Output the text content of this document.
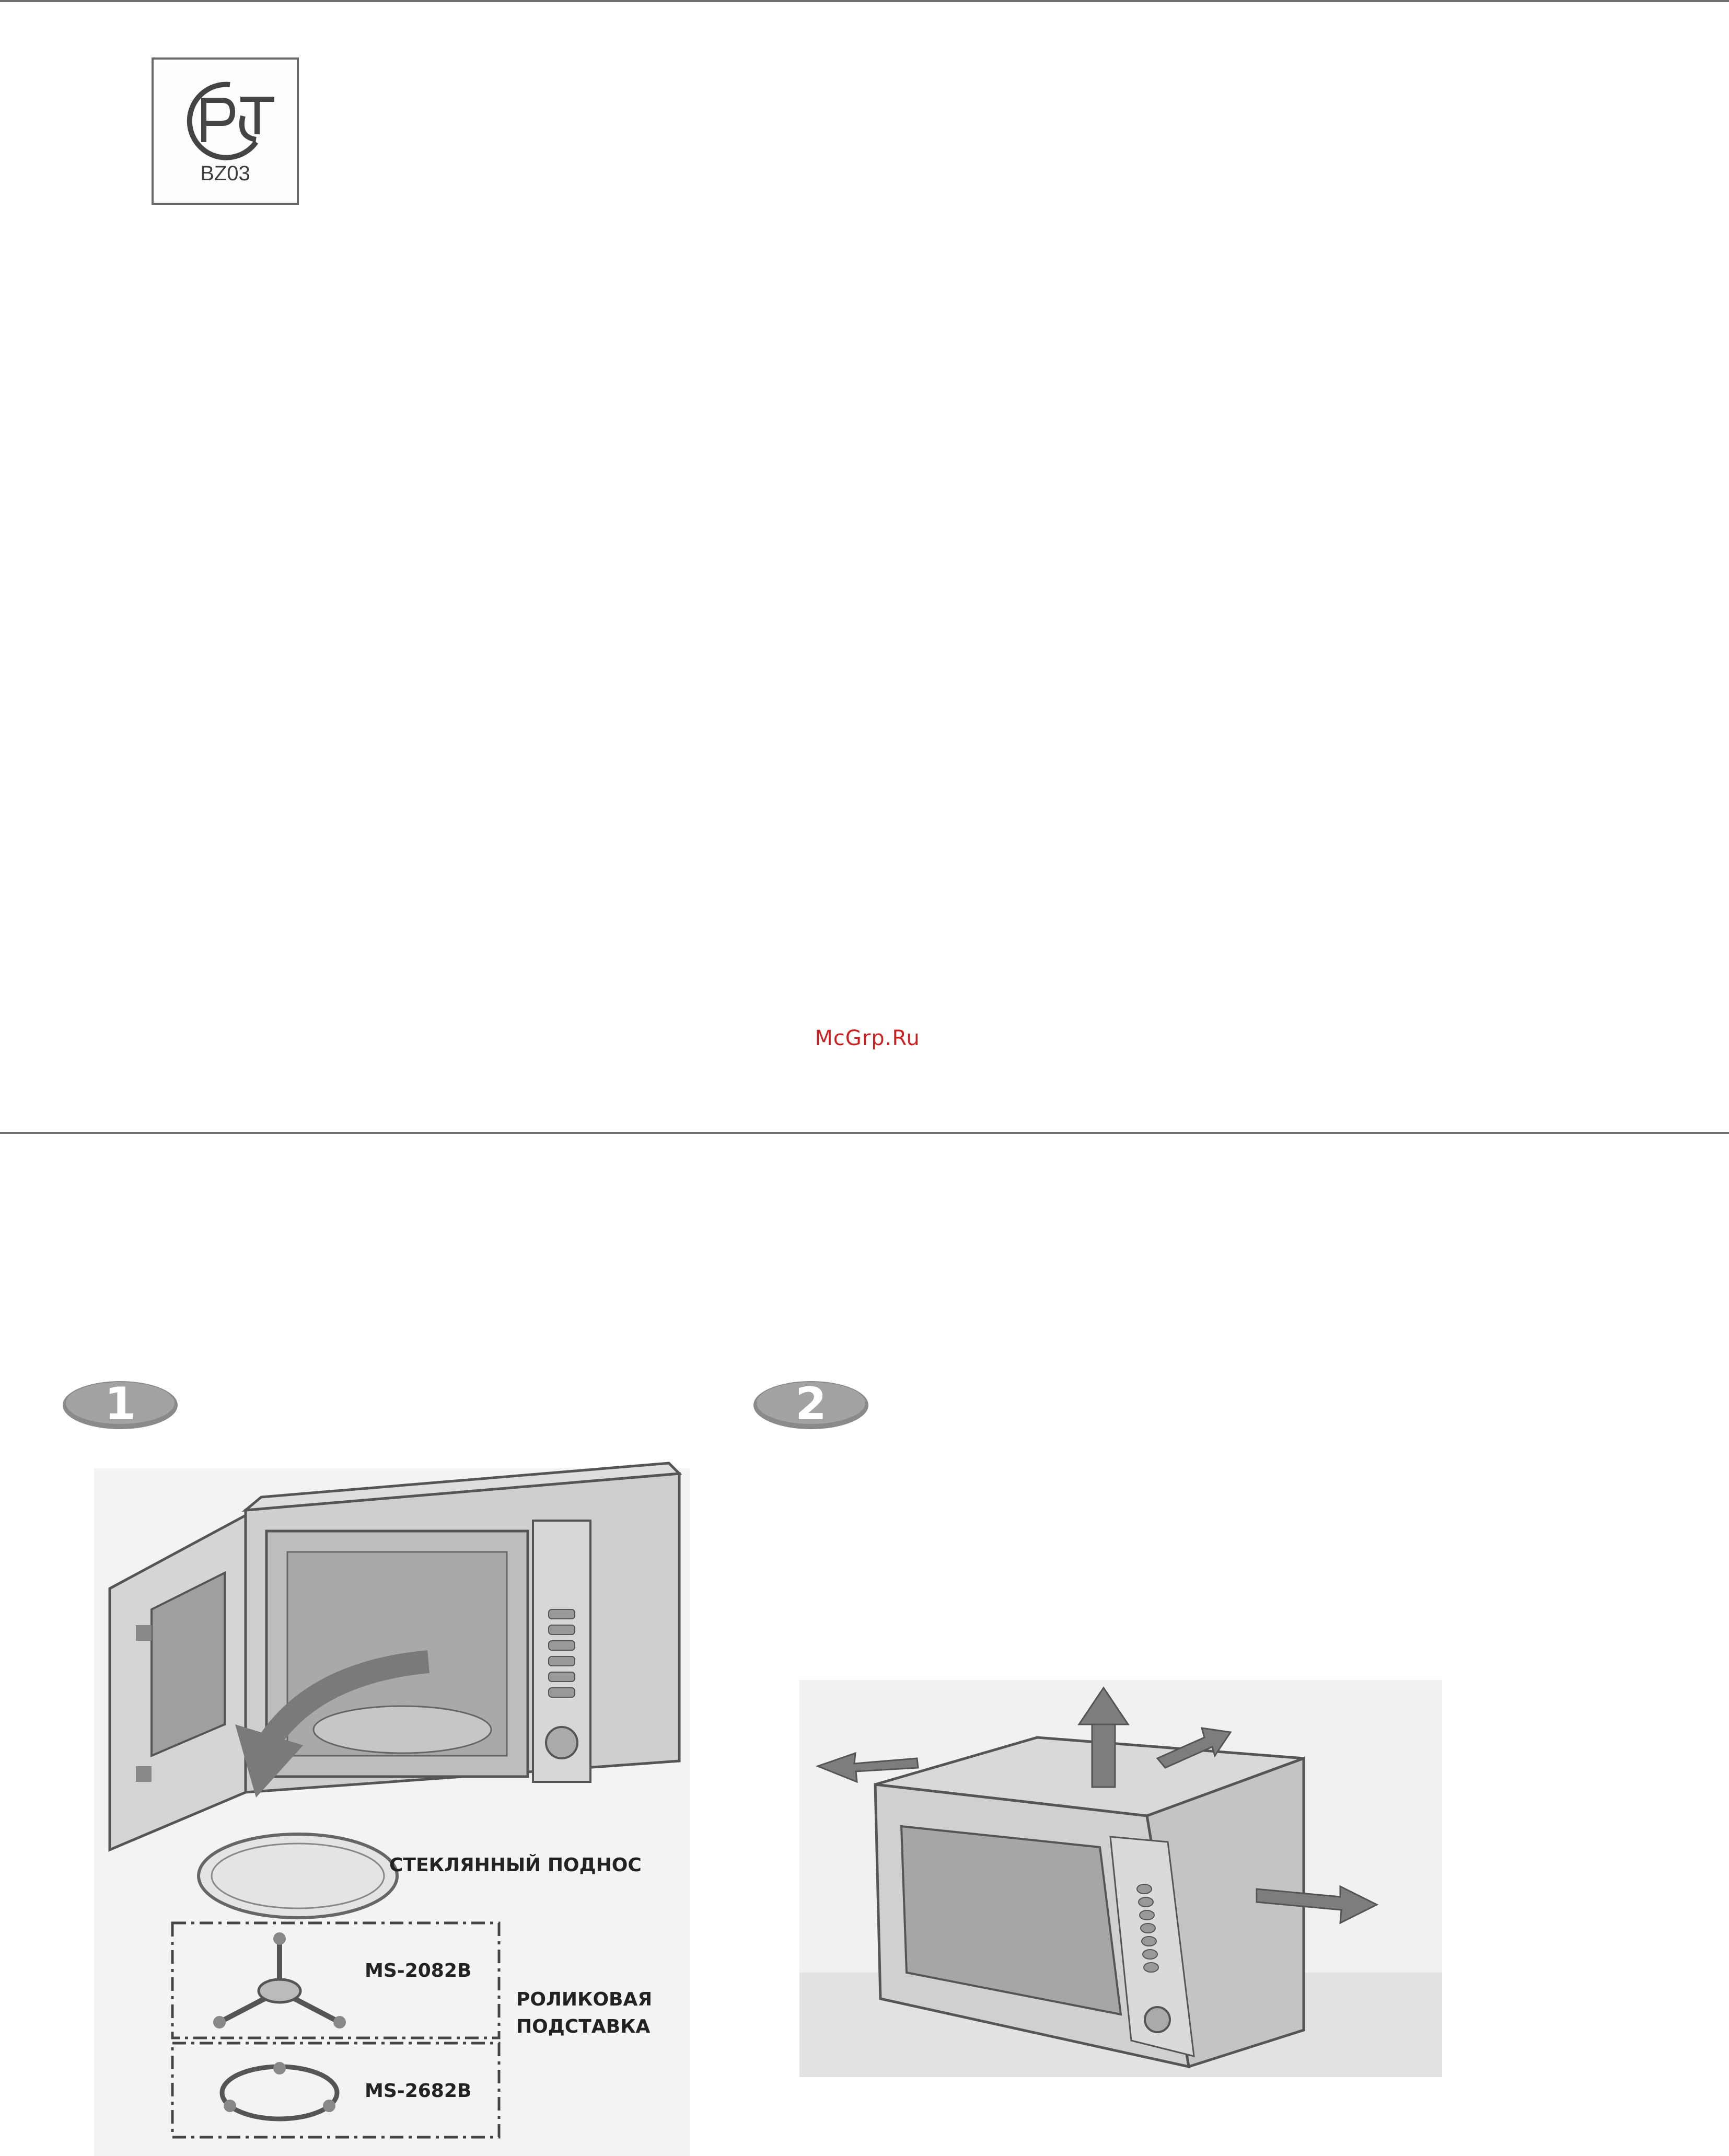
BZ03
McGrp.Ru
1	2
СТЕКЛЯННЫЙ ПОДНОС
MS-2082B
MS-2682B
РОЛИКОВАЯ
ПОДСТАВКА
